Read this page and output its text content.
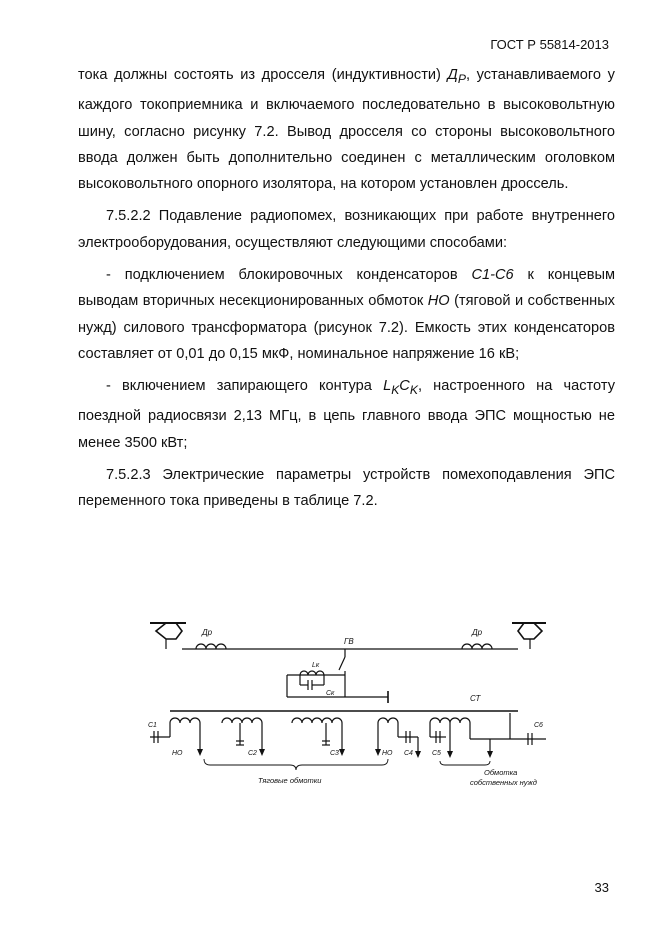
ГОСТ Р 55814-2013

тока должны состоять из дросселя (индуктивности) $Д_Р$, устанавливаемого у каждого токоприемника и включаемого последовательно в высоковольтную шину, согласно рисунку 7.2. Вывод дросселя со стороны высоковольтного ввода должен быть дополнительно соединен с металлическим оголовком высоковольтного опорного изолятора, на котором установлен дроссель.

7.5.2.2 Подавление радиопомех, возникающих при работе внутреннего электрооборудования, осуществляют следующими способами:

- подключением блокировочных конденсаторов С1-С6 к концевым выводам вторичных несекционированных обмоток НО (тяговой и собственных нужд) силового трансформатора (рисунок 7.2). Емкость этих конденсаторов составляет от 0,01 до 0,15 мкФ, номинальное напряжение 16 кВ;

- включением запирающего контура $L_KC_K$, настроенного на частоту поездной радиосвязи 2,13 МГц, в цепь главного ввода ЭПС мощностью не менее 3500 кВт;

7.5.2.3 Электрические параметры устройств помехоподавления ЭПС переменного тока приведены в таблице 7.2.

Др	Др
ГВ
Lк
Cк
СТ
С1
НО	С2	С3	НО С4	С5
С6
Тяговые обмотки
Обмотка
собственных нужд
33
